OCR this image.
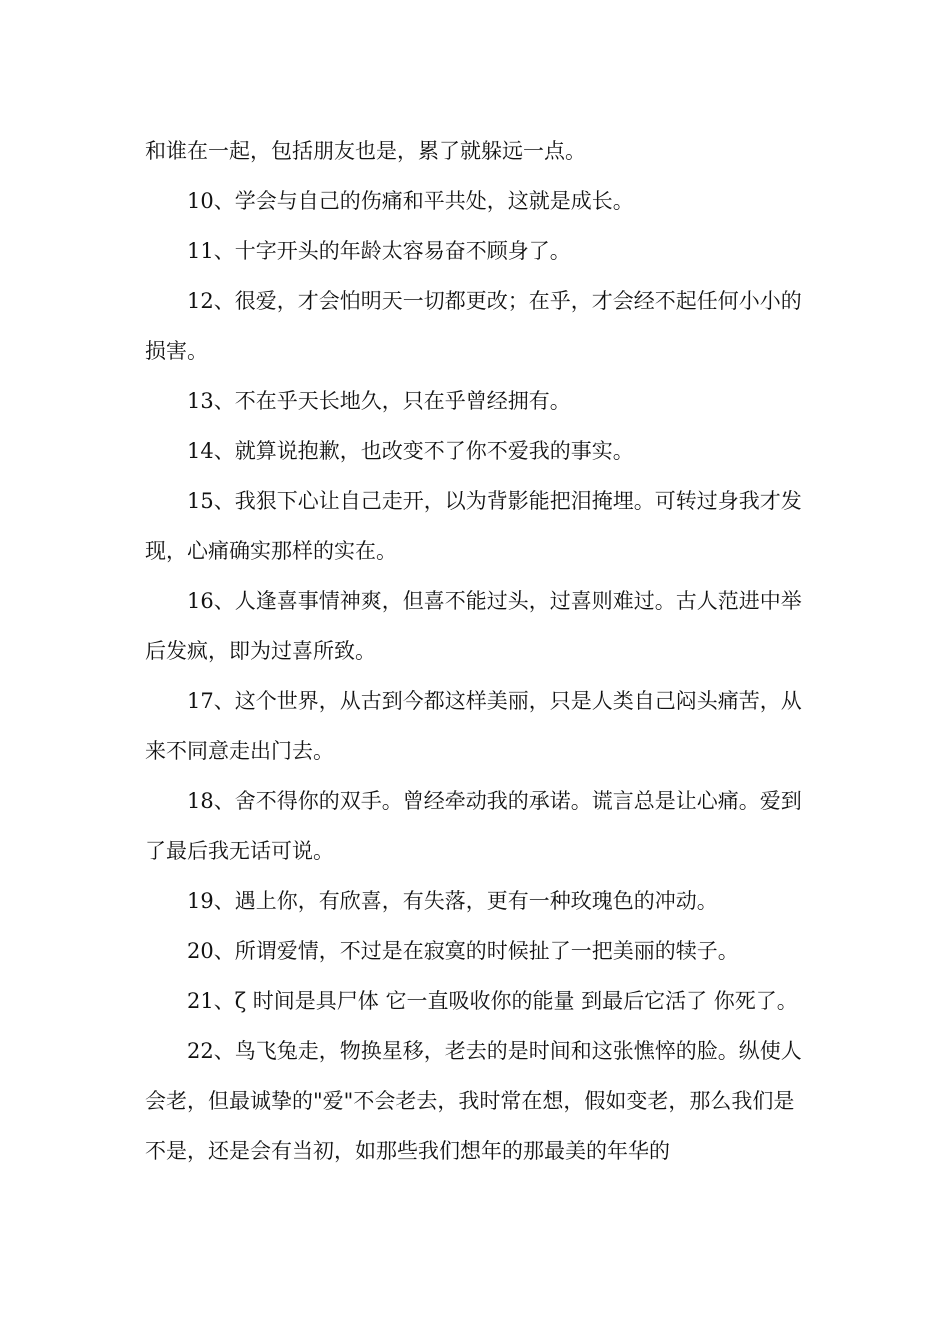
和谁在一起，包括朋友也是，累了就躲远一点。

10、学会与自己的伤痛和平共处，这就是成长。

11、十字开头的年龄太容易奋不顾身了。

12、很爱，才会怕明天一切都更改；在乎，才会经不起任何小小的损害。

13、不在乎天长地久，只在乎曾经拥有。

14、就算说抱歉，也改变不了你不爱我的事实。

15、我狠下心让自己走开，以为背影能把泪掩埋。可转过身我才发现，心痛确实那样的实在。

16、人逢喜事情神爽，但喜不能过头，过喜则难过。古人范进中举后发疯，即为过喜所致。

17、这个世界，从古到今都这样美丽，只是人类自己闷头痛苦，从来不同意走出门去。

18、舍不得你的双手。曾经牵动我的承诺。谎言总是让心痛。爱到了最后我无话可说。

19、遇上你，有欣喜，有失落，更有一种玫瑰色的冲动。

20、所谓爱情，不过是在寂寞的时候扯了一把美丽的犊子。

21、ζ 时间是具尸体 它一直吸收你的能量 到最后它活了 你死了。

22、鸟飞兔走，物换星移，老去的是时间和这张憔悴的脸。纵使人会老，但最诚挚的"爱"不会老去，我时常在想，假如变老，那么我们是不是，还是会有当初，如那些我们想年的那最美的年华的
